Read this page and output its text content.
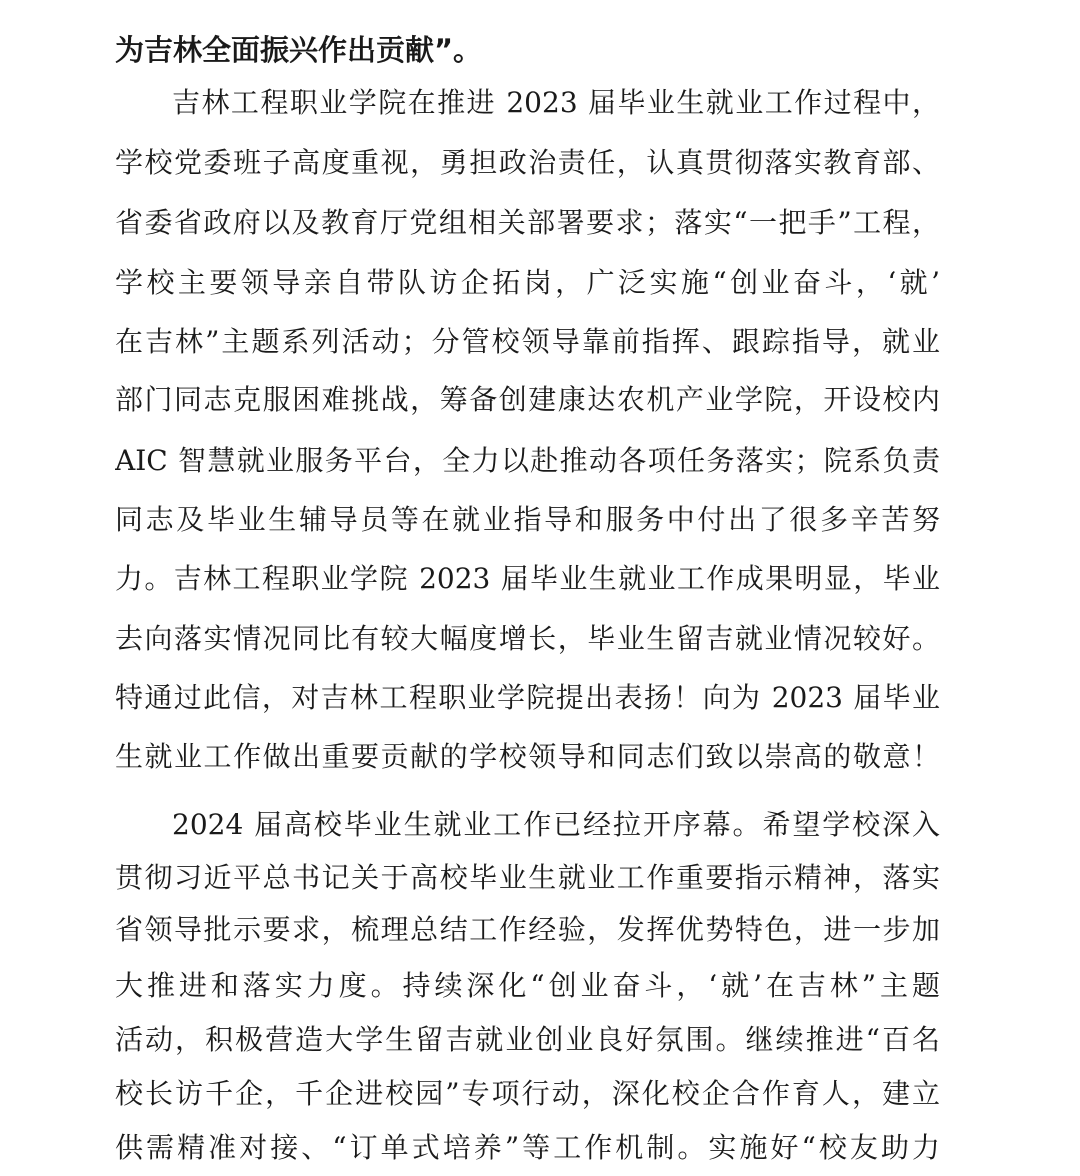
为吉林全面振兴作出贡献”。
吉林工程职业学院在推进 2023 届毕业生就业工作过程中，
学校党委班子高度重视，勇担政治责任，认真贯彻落实教育部、
省委省政府以及教育厅党组相关部署要求；落实“一把手”工程，
学校主要领导亲自带队访企拓岗，广泛实施“创业奋斗，‘就’
在吉林”主题系列活动；分管校领导靠前指挥、跟踪指导，就业
部门同志克服困难挑战，筹备创建康达农机产业学院，开设校内
AIC 智慧就业服务平台，全力以赴推动各项任务落实；院系负责
同志及毕业生辅导员等在就业指导和服务中付出了很多辛苦努
力。吉林工程职业学院 2023 届毕业生就业工作成果明显，毕业
去向落实情况同比有较大幅度增长，毕业生留吉就业情况较好。
特通过此信，对吉林工程职业学院提出表扬！向为 2023 届毕业
生就业工作做出重要贡献的学校领导和同志们致以崇高的敬意！
2024 届高校毕业生就业工作已经拉开序幕。希望学校深入
贯彻习近平总书记关于高校毕业生就业工作重要指示精神，落实
省领导批示要求，梳理总结工作经验，发挥优势特色，进一步加
大推进和落实力度。持续深化“创业奋斗，‘就’在吉林”主题
活动，积极营造大学生留吉就业创业良好氛围。继续推进“百名
校长访千企，千企进校园”专项行动，深化校企合作育人，建立
供需精准对接、“订单式培养”等工作机制。实施好“校友助力
